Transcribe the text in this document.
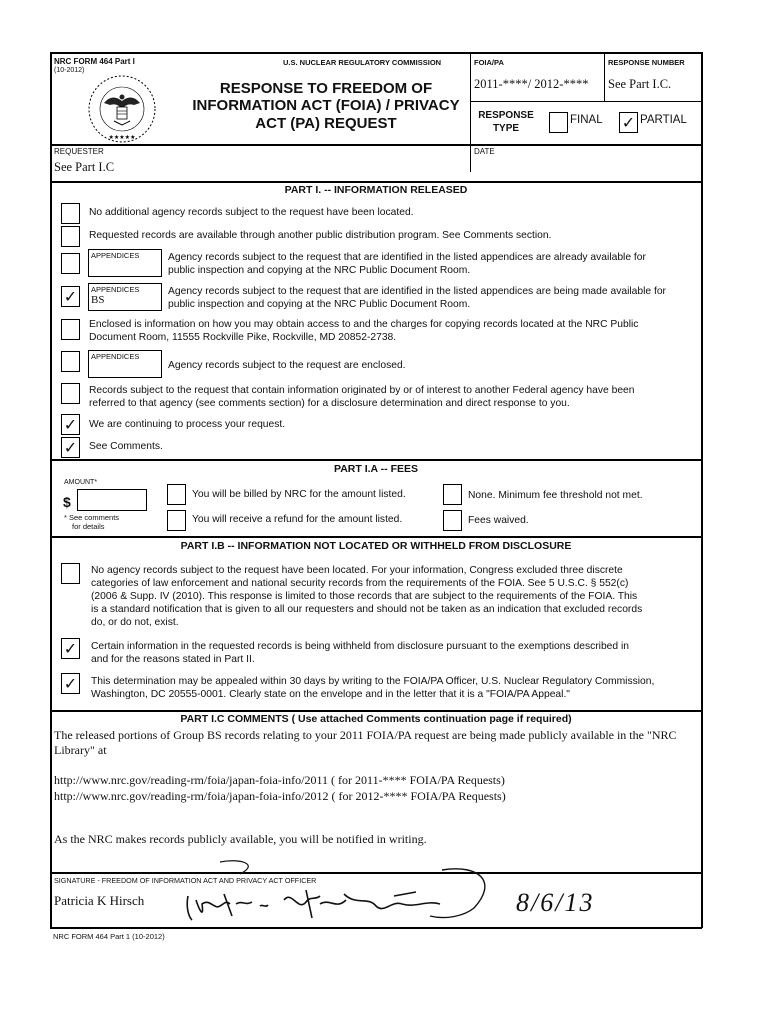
NRC FORM 464 Part I
(10-2012)
U.S. NUCLEAR REGULATORY COMMISSION
★★★★★
RESPONSE TO FREEDOM OF
INFORMATION ACT (FOIA) / PRIVACY
ACT (PA) REQUEST
FOIA/PA
2011-****/ 2012-****
RESPONSE NUMBER
See Part I.C.
RESPONSE
TYPE
FINAL ✓ PARTIAL
REQUESTER
See Part I.C
DATE
PART I. -- INFORMATION RELEASED
No additional agency records subject to the request have been located.
Requested records are available through another public distribution program. See Comments section.
APPENDICES	Agency records subject to the request that are identified in the listed appendices are already available for
public inspection and copying at the NRC Public Document Room.
✓	APPENDICES
BS
Agency records subject to the request that are identified in the listed appendices are being made available for
public inspection and copying at the NRC Public Document Room.
Enclosed is information on how you may obtain access to and the charges for copying records located at the NRC Public
Document Room, 11555 Rockville Pike, Rockville, MD 20852-2738.
APPENDICES
Agency records subject to the request are enclosed.
Records subject to the request that contain information originated by or of interest to another Federal agency have been
referred to that agency (see comments section) for a disclosure determination and direct response to you.
✓ We are continuing to process your request.
✓ See Comments.
PART I.A -- FEES
AMOUNT*
$
* See comments
for details
You will be billed by NRC for the amount listed.
You will receive a refund for the amount listed.
None. Minimum fee threshold not met.
Fees waived.
PART I.B -- INFORMATION NOT LOCATED OR WITHHELD FROM DISCLOSURE
No agency records subject to the request have been located. For your information, Congress excluded three discrete
categories of law enforcement and national security records from the requirements of the FOIA. See 5 U.S.C. § 552(c)
(2006 & Supp. IV (2010). This response is limited to those records that are subject to the requirements of the FOIA. This
is a standard notification that is given to all our requesters and should not be taken as an indication that excluded records
do, or do not, exist.
✓ Certain information in the requested records is being withheld from disclosure pursuant to the exemptions described in
and for the reasons stated in Part II.
✓ This determination may be appealed within 30 days by writing to the FOIA/PA Officer, U.S. Nuclear Regulatory Commission,
Washington, DC 20555-0001. Clearly state on the envelope and in the letter that it is a "FOIA/PA Appeal."
PART I.C COMMENTS ( Use attached Comments continuation page if required)
The released portions of Group BS records relating to your 2011 FOIA/PA request are being made publicly available in the "NRC
Library" at
http://www.nrc.gov/reading-rm/foia/japan-foia-info/2011 ( for 2011-**** FOIA/PA Requests)
http://www.nrc.gov/reading-rm/foia/japan-foia-info/2012 ( for 2012-**** FOIA/PA Requests)
As the NRC makes records publicly available, you will be notified in writing.
SIGNATURE - FREEDOM OF INFORMATION ACT AND PRIVACY ACT OFFICER
Patricia K Hirsch	8/6/13
NRC FORM 464 Part 1 (10-2012)
